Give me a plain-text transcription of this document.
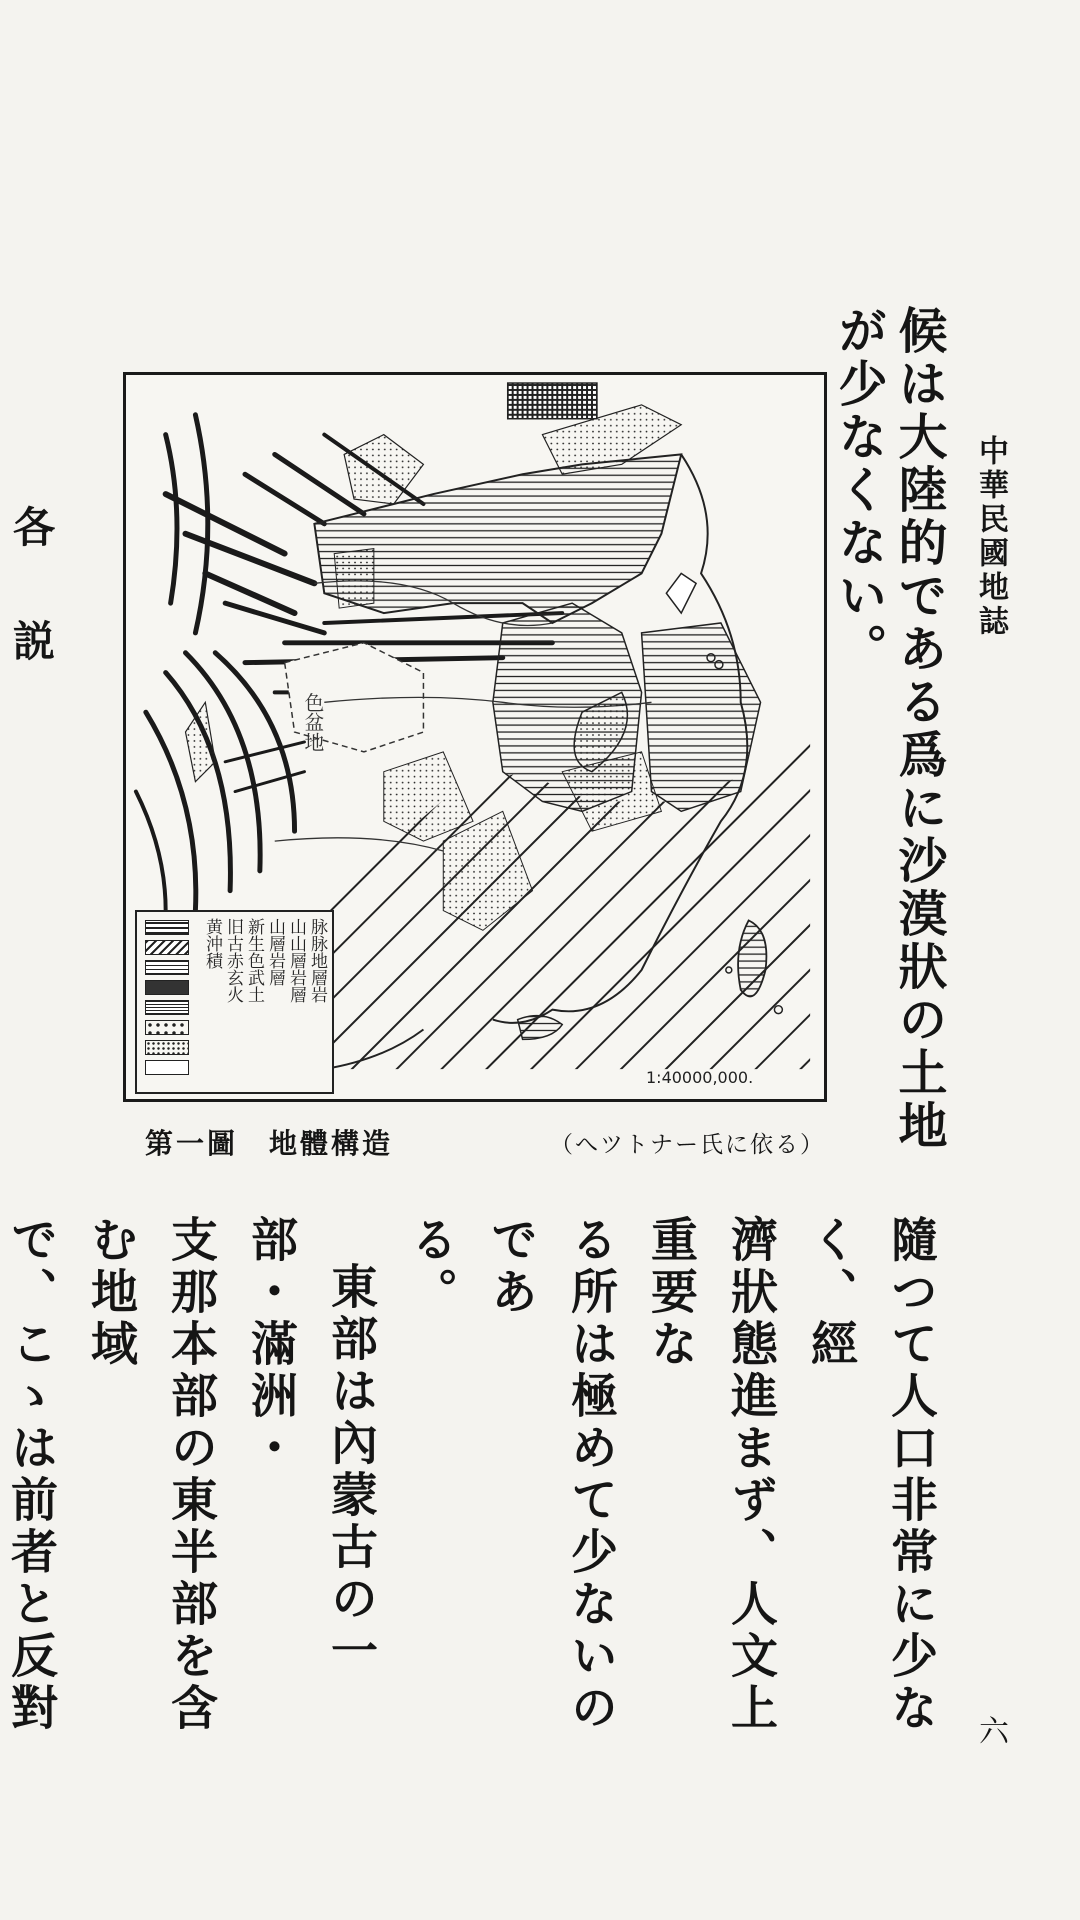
中華民國地誌
各説
六
候は大陸的である爲に沙漠狀の土地が少なくない。

隨つて人口非常に少なく、經

濟狀態進まず、人文上重要な

る所は極めて少ないのであ

る。

東部は內蒙古の一部・滿洲・

支那本部の東半部を含む地域

で、こゝは前者と反對

色盆地
脉脉地層岩
山山層岩層
山層岩層
新生色武土
旧古赤玄火
黄沖積
1:40000,000.
第一圖　地體構造	（へツトナー氏に依る）
